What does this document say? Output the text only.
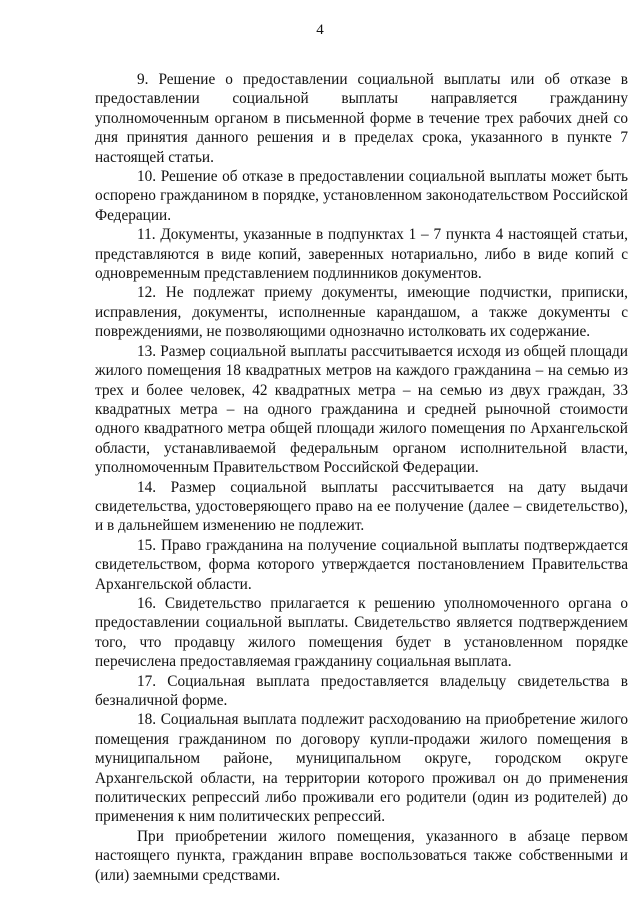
4

9. Решение о предоставлении социальной выплаты или об отказе в предоставлении социальной выплаты направляется гражданину уполномоченным органом в письменной форме в течение трех рабочих дней со дня принятия данного решения и в пределах срока, указанного в пункте 7 настоящей статьи.

10. Решение об отказе в предоставлении социальной выплаты может быть оспорено гражданином в порядке, установленном законодательством Российской Федерации.

11. Документы, указанные в подпунктах 1 – 7 пункта 4 настоящей статьи, представляются в виде копий, заверенных нотариально, либо в виде копий с одновременным представлением подлинников документов.

12. Не подлежат приему документы, имеющие подчистки, приписки, исправления, документы, исполненные карандашом, а также документы с повреждениями, не позволяющими однозначно истолковать их содержание.

13. Размер социальной выплаты рассчитывается исходя из общей площади жилого помещения 18 квадратных метров на каждого гражданина – на семью из трех и более человек, 42 квадратных метра – на семью из двух граждан, 33 квадратных метра – на одного гражданина и средней рыночной стоимости одного квадратного метра общей площади жилого помещения по Архангельской области, устанавливаемой федеральным органом исполнительной власти, уполномоченным Правительством Российской Федерации.

14. Размер социальной выплаты рассчитывается на дату выдачи свидетельства, удостоверяющего право на ее получение (далее – свидетельство), и в дальнейшем изменению не подлежит.

15. Право гражданина на получение социальной выплаты подтверждается свидетельством, форма которого утверждается постановлением Правительства Архангельской области.

16. Свидетельство прилагается к решению уполномоченного органа о предоставлении социальной выплаты. Свидетельство является подтверждением того, что продавцу жилого помещения будет в установленном порядке перечислена предоставляемая гражданину социальная выплата.

17. Социальная выплата предоставляется владельцу свидетельства в безналичной форме.

18. Социальная выплата подлежит расходованию на приобретение жилого помещения гражданином по договору купли-продажи жилого помещения в муниципальном районе, муниципальном округе, городском округе Архангельской области, на территории которого проживал он до применения политических репрессий либо проживали его родители (один из родителей) до применения к ним политических репрессий.

При приобретении жилого помещения, указанного в абзаце первом настоящего пункта, гражданин вправе воспользоваться также собственными и (или) заемными средствами.
